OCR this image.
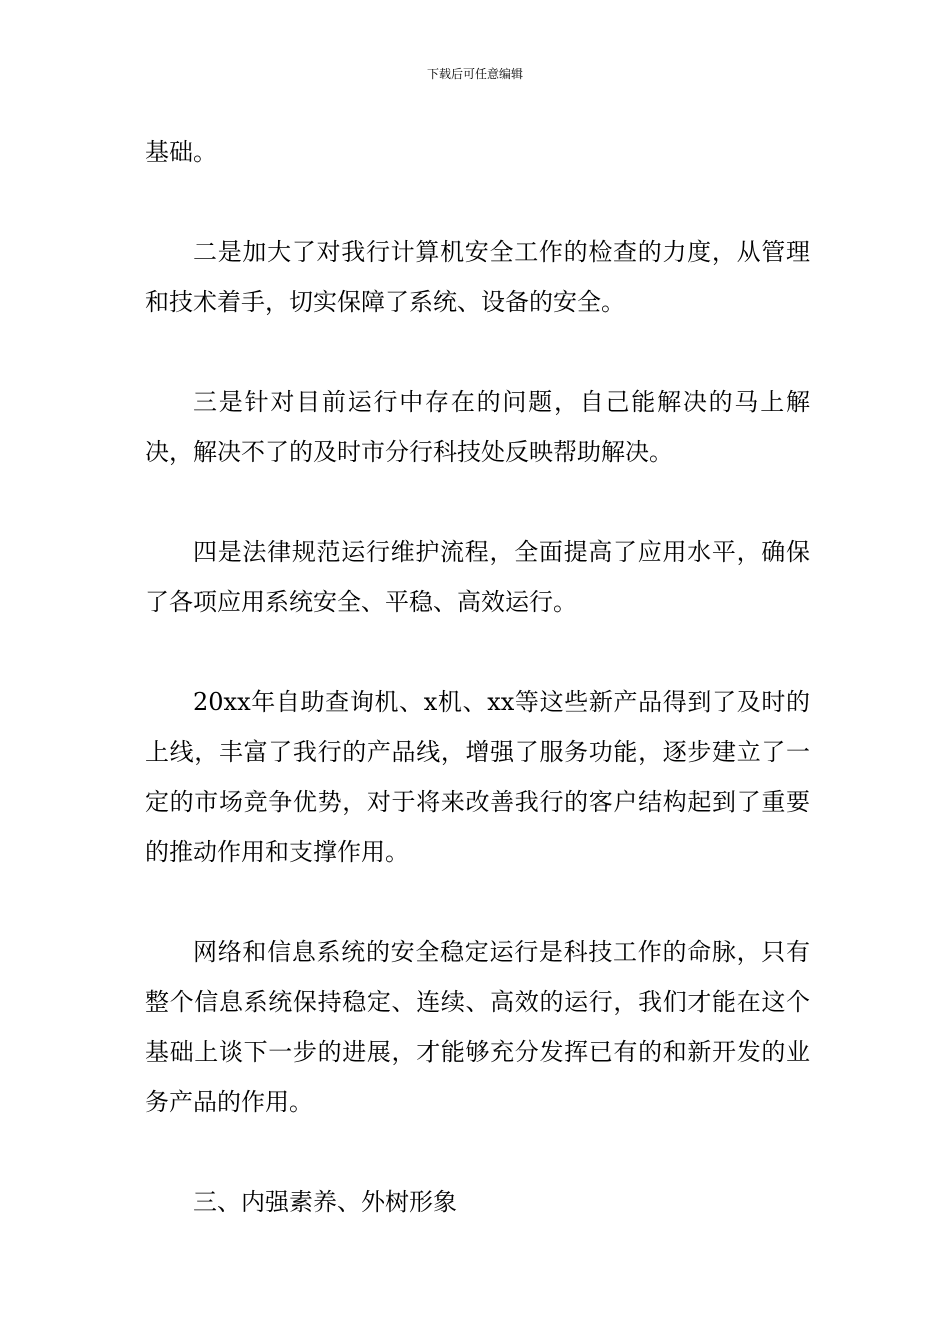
下载后可任意编辑

基础。

二是加大了对我行计算机安全工作的检查的力度，从管理和技术着手，切实保障了系统、设备的安全。

三是针对目前运行中存在的问题，自己能解决的马上解决，解决不了的及时市分行科技处反映帮助解决。

四是法律规范运行维护流程，全面提高了应用水平，确保了各项应用系统安全、平稳、高效运行。

20xx年自助查询机、x机、xx等这些新产品得到了及时的上线，丰富了我行的产品线，增强了服务功能，逐步建立了一定的市场竞争优势，对于将来改善我行的客户结构起到了重要的推动作用和支撑作用。

网络和信息系统的安全稳定运行是科技工作的命脉，只有整个信息系统保持稳定、连续、高效的运行，我们才能在这个基础上谈下一步的进展，才能够充分发挥已有的和新开发的业务产品的作用。

三、内强素养、外树形象
